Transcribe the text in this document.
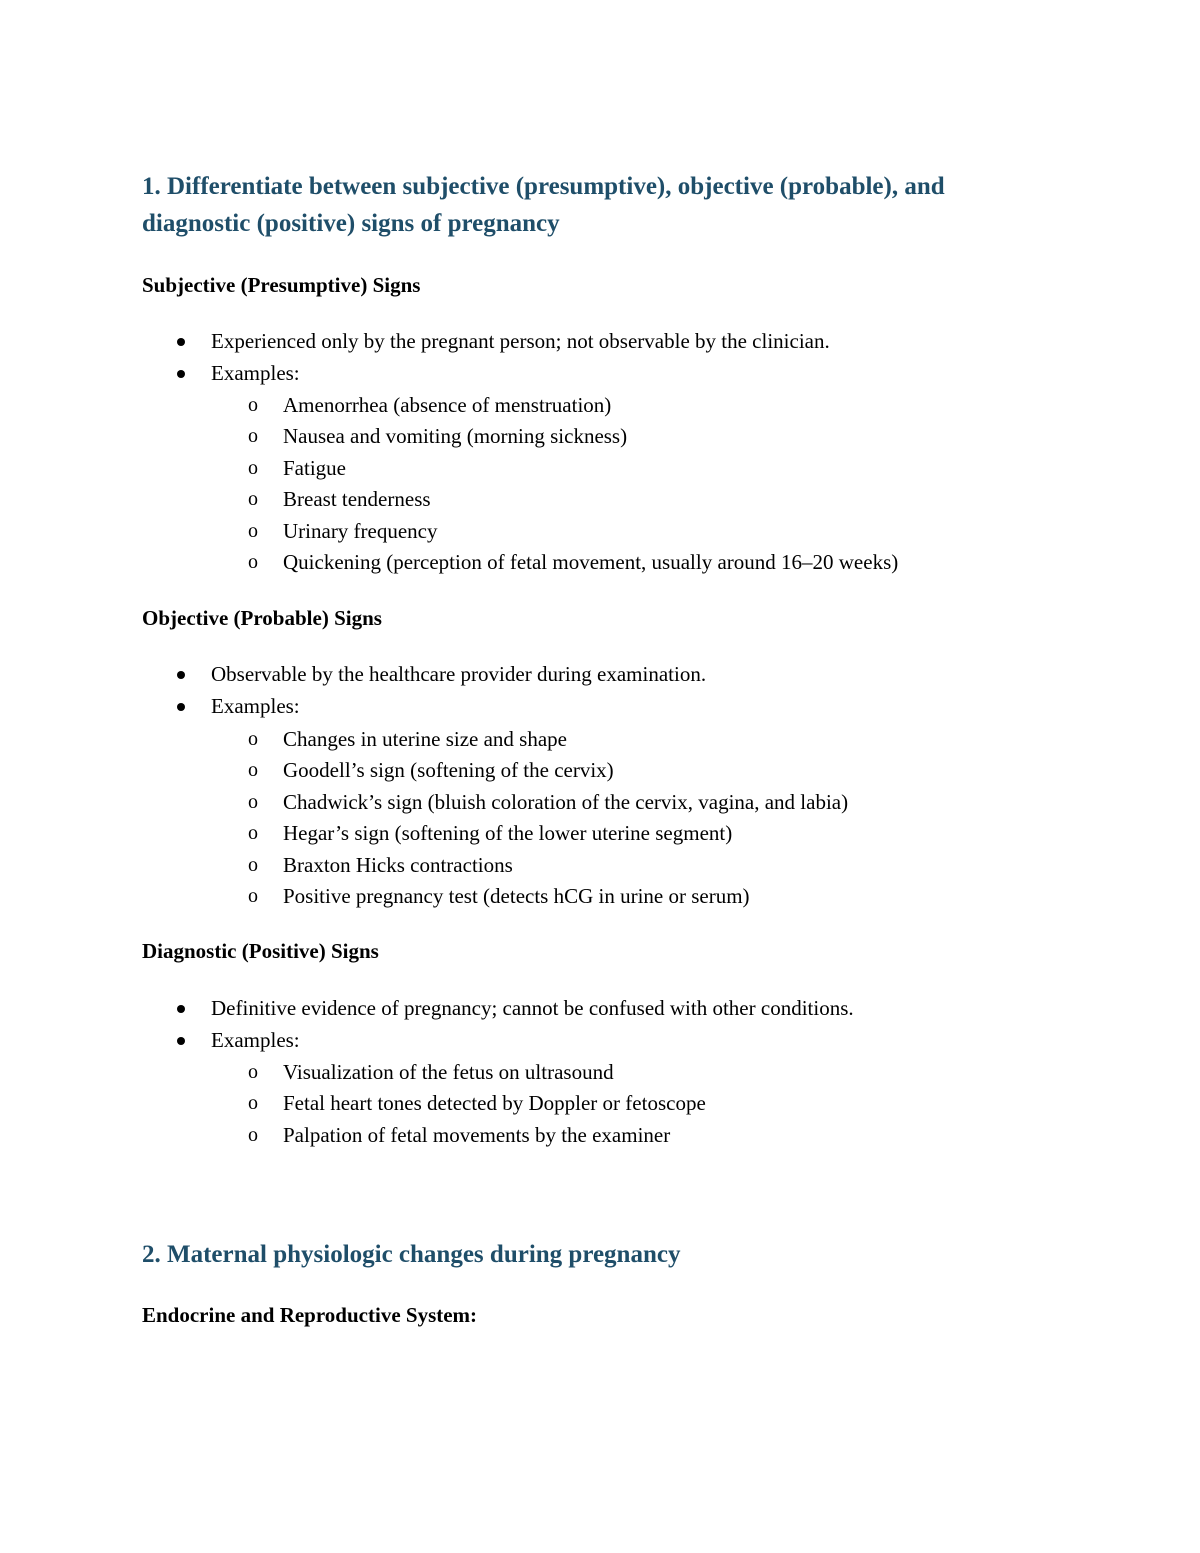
1. Differentiate between subjective (presumptive), objective (probable), and
diagnostic (positive) signs of pregnancy
Subjective (Presumptive) Signs
Experienced only by the pregnant person; not observable by the clinician.
Examples:
o Amenorrhea (absence of menstruation)
o Nausea and vomiting (morning sickness)
o Fatigue
o Breast tenderness
o Urinary frequency
o Quickening (perception of fetal movement, usually around 16–20 weeks)
Objective (Probable) Signs
Observable by the healthcare provider during examination.
Examples:
o Changes in uterine size and shape
o Goodell’s sign (softening of the cervix)
o Chadwick’s sign (bluish coloration of the cervix, vagina, and labia)
o Hegar’s sign (softening of the lower uterine segment)
o Braxton Hicks contractions
o Positive pregnancy test (detects hCG in urine or serum)
Diagnostic (Positive) Signs
Definitive evidence of pregnancy; cannot be confused with other conditions.
Examples:
o Visualization of the fetus on ultrasound
o Fetal heart tones detected by Doppler or fetoscope
o Palpation of fetal movements by the examiner
2. Maternal physiologic changes during pregnancy
Endocrine and Reproductive System:
